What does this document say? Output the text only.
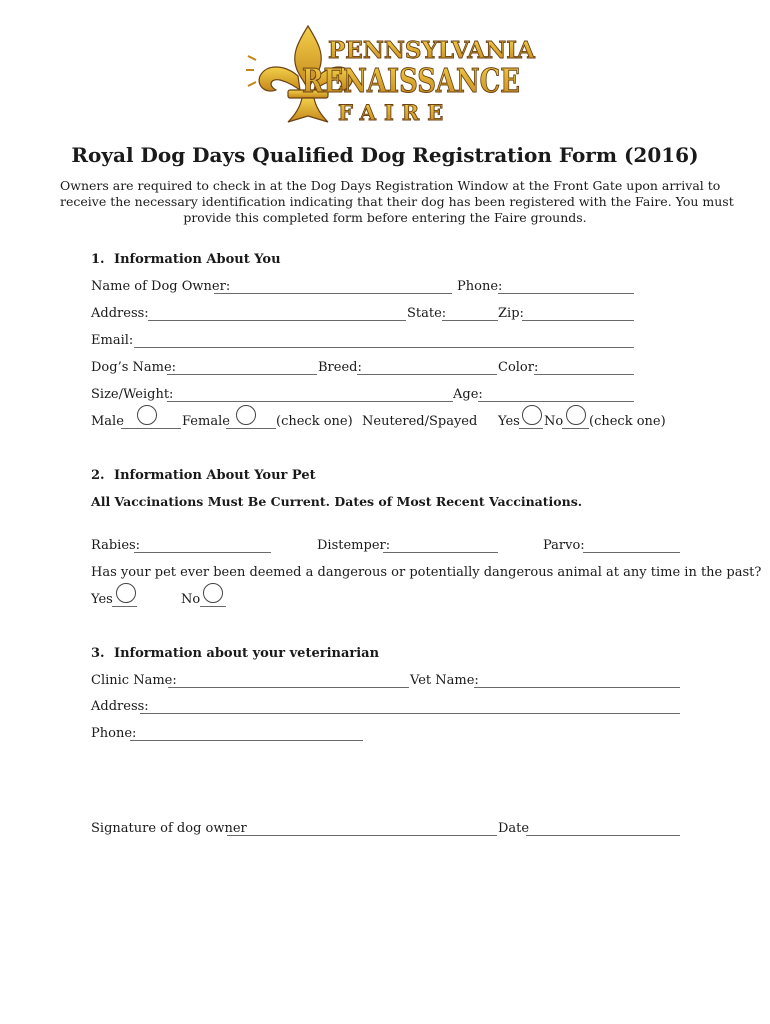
PENNSYLVANIA
RENAISSANCE
FAIRE
Royal Dog Days Qualified Dog Registration Form (2016)
Owners are required to check in at the Dog Days Registration Window at the Front Gate upon arrival to
receive the necessary identification indicating that their dog has been registered with the Faire. You must
provide this completed form before entering the Faire grounds.
1. Information About You
Name of Dog Owner:	Phone:
Address:	State:	Zip:
Email:
Dog’s Name:	Breed:	Color:
Size/Weight:	Age:
Male	Female	(check one) Neutered/Spayed Yes No (check one)
2. Information About Your Pet
All Vaccinations Must Be Current. Dates of Most Recent Vaccinations.
Rabies:	Distemper:	Parvo:
Has your pet ever been deemed a dangerous or potentially dangerous animal at any time in the past?
Yes	No
3. Information about your veterinarian
Clinic Name:	Vet Name:
Address:
Phone:
Signature of dog owner	Date
